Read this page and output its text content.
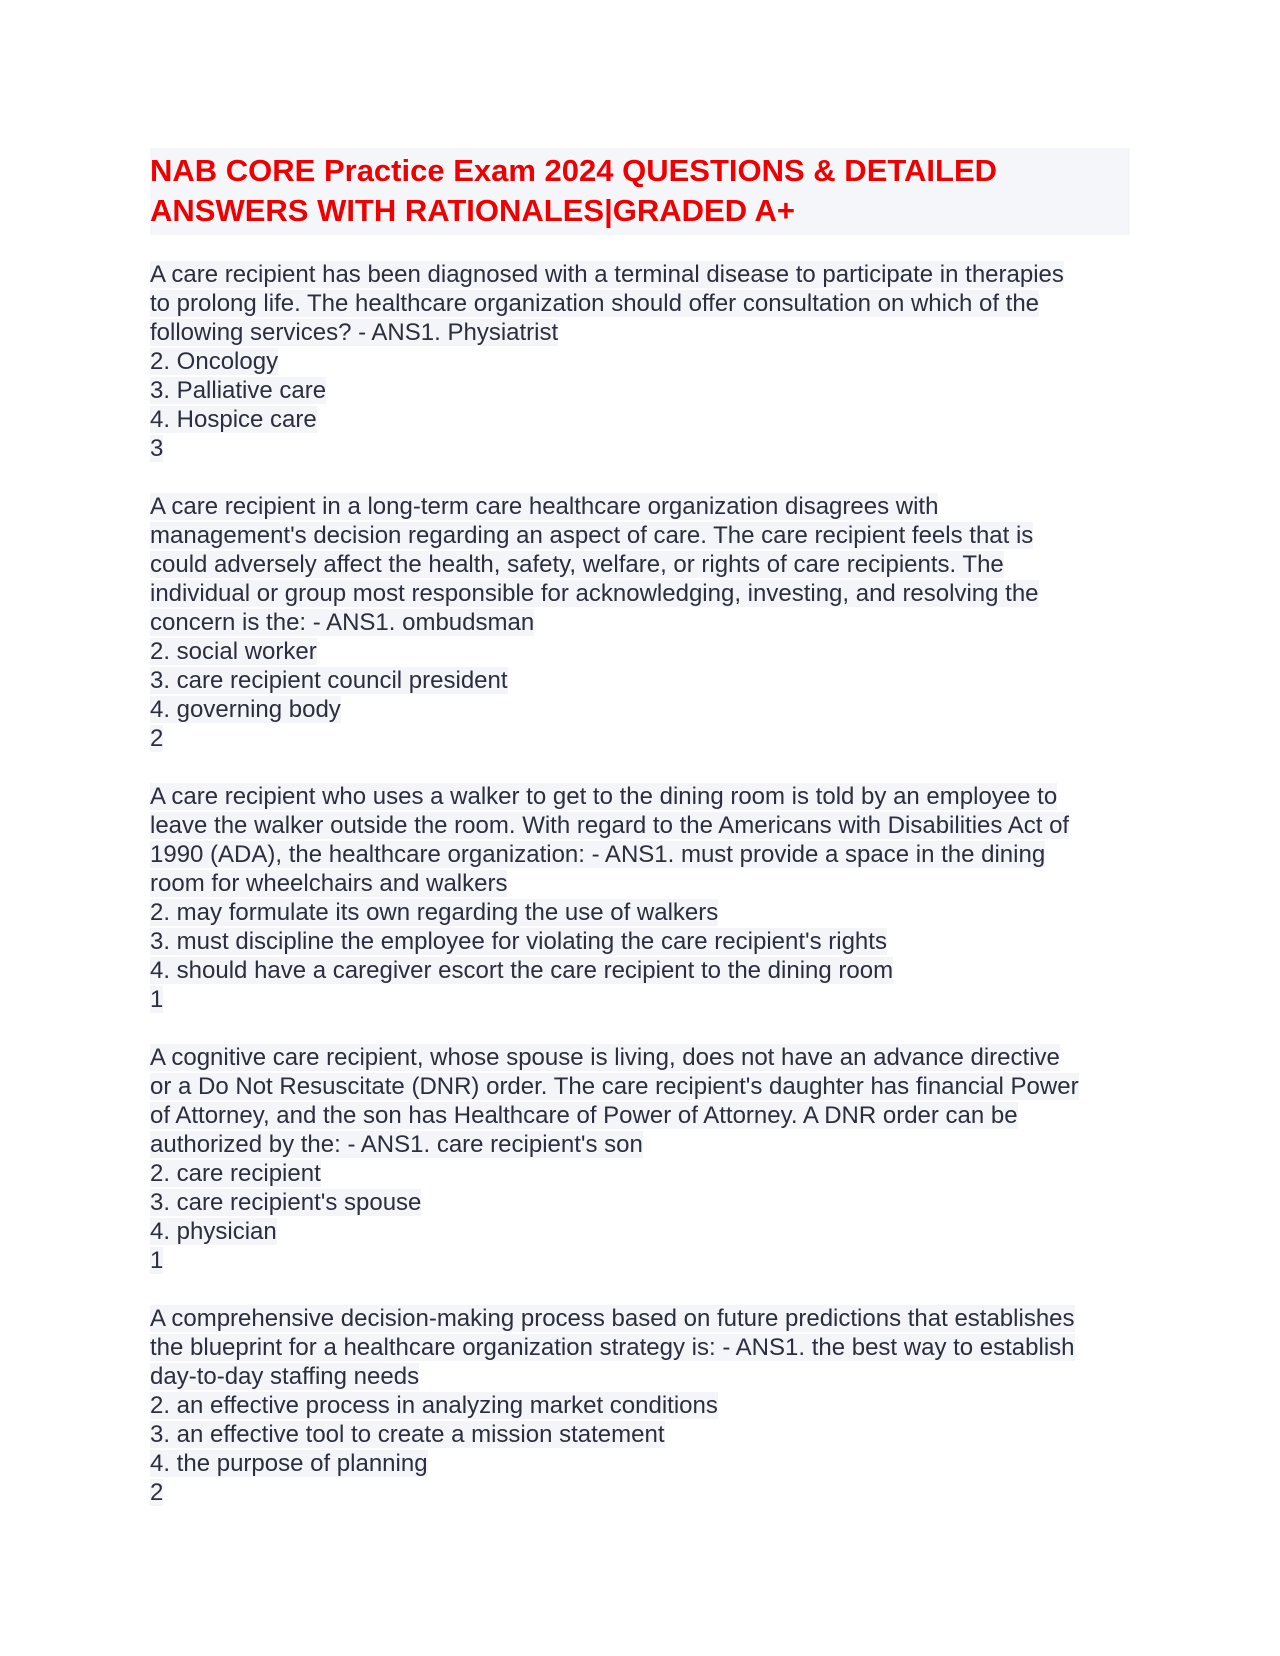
NAB CORE Practice Exam 2024 QUESTIONS & DETAILED
ANSWERS WITH RATIONALES|GRADED A+
A care recipient has been diagnosed with a terminal disease to participate in therapies
to prolong life. The healthcare organization should offer consultation on which of the
following services? - ANS1. Physiatrist
2. Oncology
3. Palliative care
4. Hospice care
3
A care recipient in a long-term care healthcare organization disagrees with
management's decision regarding an aspect of care. The care recipient feels that is
could adversely affect the health, safety, welfare, or rights of care recipients. The
individual or group most responsible for acknowledging, investing, and resolving the
concern is the: - ANS1. ombudsman
2. social worker
3. care recipient council president
4. governing body
2
A care recipient who uses a walker to get to the dining room is told by an employee to
leave the walker outside the room. With regard to the Americans with Disabilities Act of
1990 (ADA), the healthcare organization: - ANS1. must provide a space in the dining
room for wheelchairs and walkers
2. may formulate its own regarding the use of walkers
3. must discipline the employee for violating the care recipient's rights
4. should have a caregiver escort the care recipient to the dining room
1
A cognitive care recipient, whose spouse is living, does not have an advance directive
or a Do Not Resuscitate (DNR) order. The care recipient's daughter has financial Power
of Attorney, and the son has Healthcare of Power of Attorney. A DNR order can be
authorized by the: - ANS1. care recipient's son
2. care recipient
3. care recipient's spouse
4. physician
1
A comprehensive decision-making process based on future predictions that establishes
the blueprint for a healthcare organization strategy is: - ANS1. the best way to establish
day-to-day staffing needs
2. an effective process in analyzing market conditions
3. an effective tool to create a mission statement
4. the purpose of planning
2
